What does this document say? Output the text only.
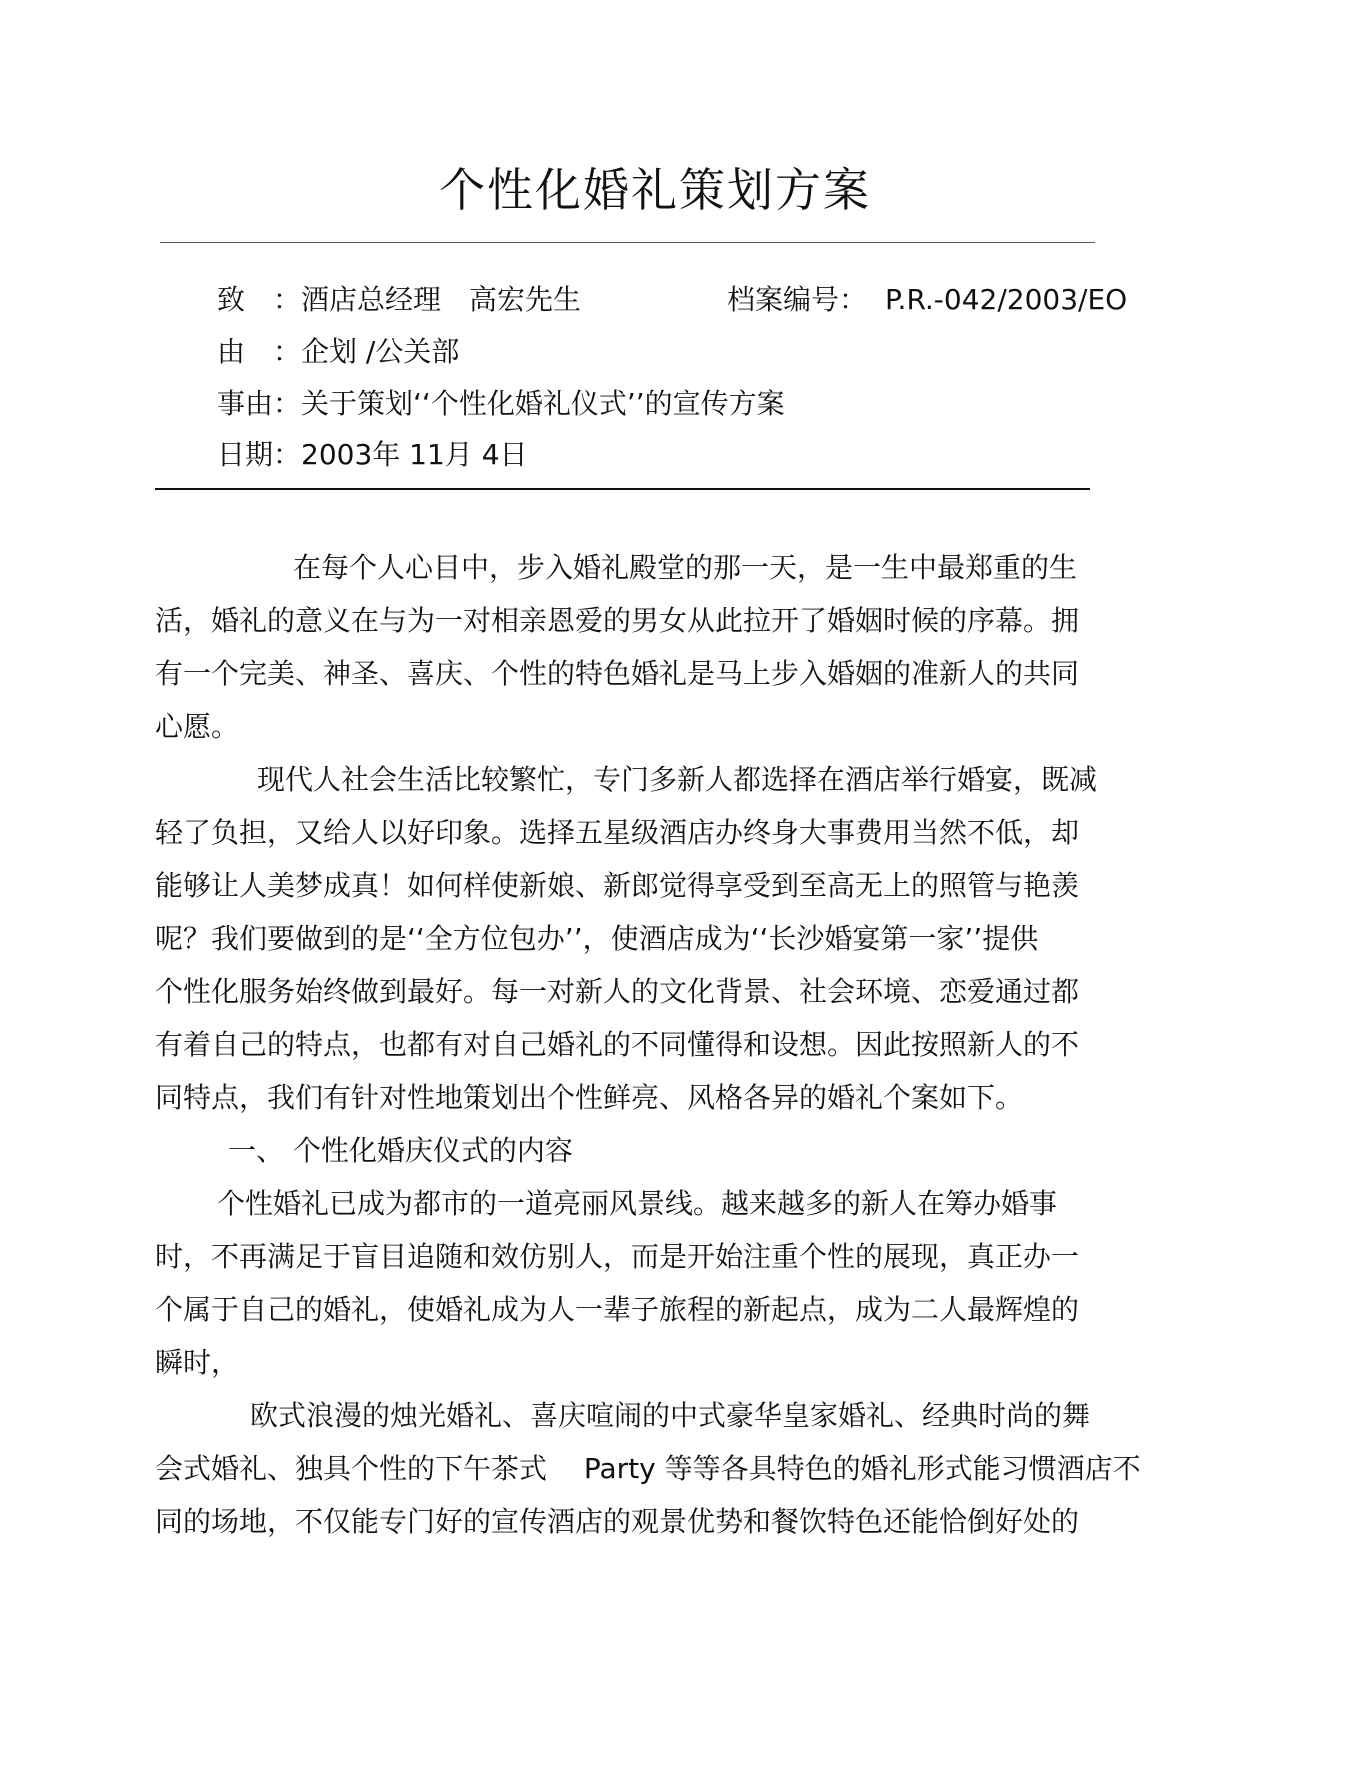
个性化婚礼策划方案
致　：酒店总经理　高宏先生	档案编号： P.R.-042/2003/EO
由　：企划 /公关部
事由：关于策划‘‘个性化婚礼仪式’’的宣传方案
日期：2003年 11月 4日
在每个人心目中，步入婚礼殿堂的那一天，是一生中最郑重的生
活，婚礼的意义在与为一对相亲恩爱的男女从此拉开了婚姻时候的序幕。拥
有一个完美、神圣、喜庆、个性的特色婚礼是马上步入婚姻的准新人的共同
心愿。
现代人社会生活比较繁忙，专门多新人都选择在酒店举行婚宴，既减
轻了负担，又给人以好印象。选择五星级酒店办终身大事费用当然不低，却
能够让人美梦成真！如何样使新娘、新郎觉得享受到至高无上的照管与艳羡
呢？我们要做到的是‘‘全方位包办’’，使酒店成为‘‘长沙婚宴第一家’’提供
个性化服务始终做到最好。每一对新人的文化背景、社会环境、恋爱通过都
有着自己的特点，也都有对自己婚礼的不同懂得和设想。因此按照新人的不
同特点，我们有针对性地策划出个性鲜亮、风格各异的婚礼个案如下。
一、 个性化婚庆仪式的内容
个性婚礼已成为都市的一道亮丽风景线。越来越多的新人在筹办婚事
时，不再满足于盲目追随和效仿别人，而是开始注重个性的展现，真正办一
个属于自己的婚礼，使婚礼成为人一辈子旅程的新起点，成为二人最辉煌的
瞬时，
欧式浪漫的烛光婚礼、喜庆喧闹的中式豪华皇家婚礼、经典时尚的舞
会式婚礼、独具个性的下午茶式　 Party 等等各具特色的婚礼形式能习惯酒店不
同的场地，不仅能专门好的宣传酒店的观景优势和餐饮特色还能恰倒好处的
